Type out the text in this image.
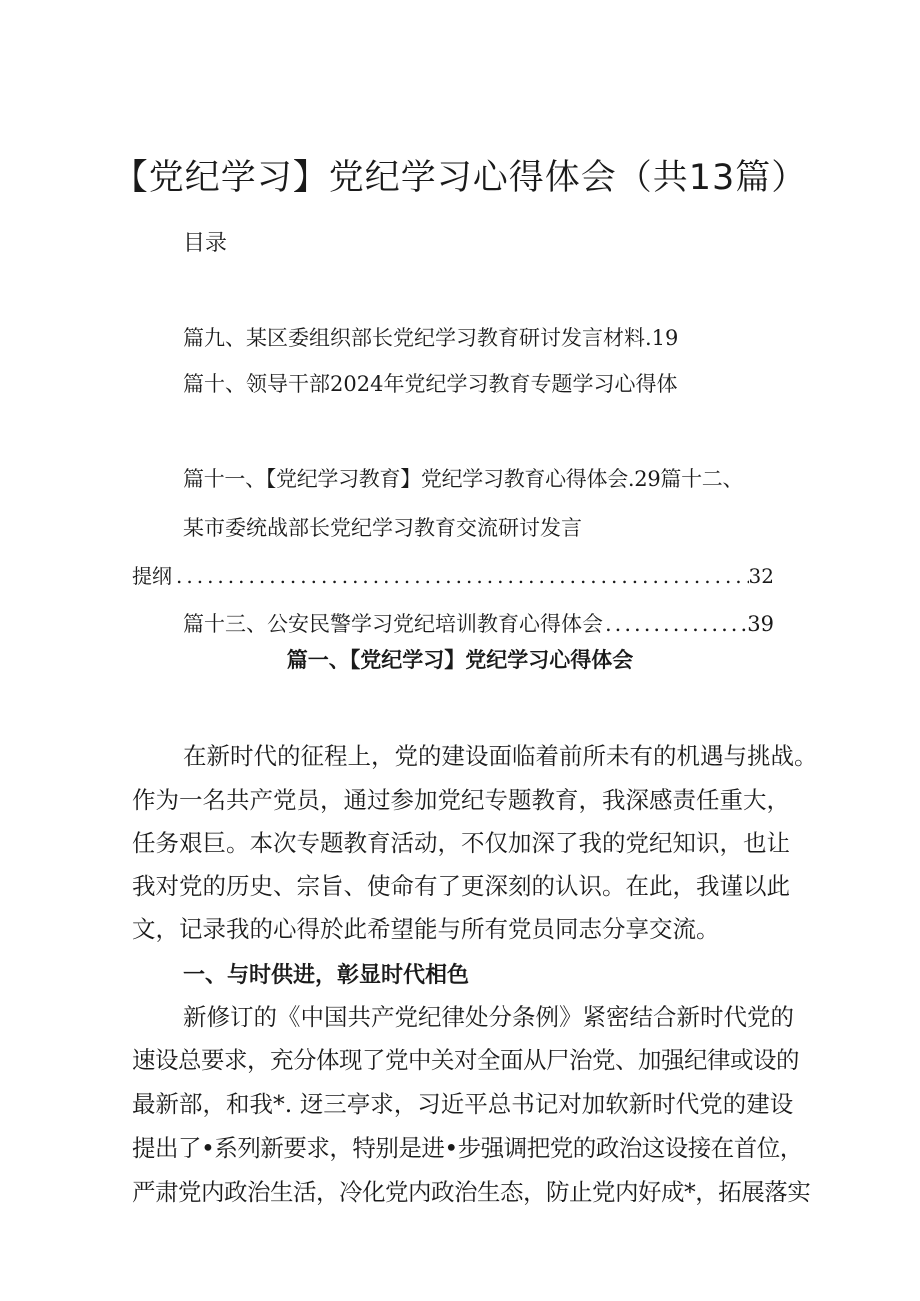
【党纪学习】党纪学习心得体会（共13篇）
目录
篇九、某区委组织部长党纪学习教育研讨发言材料.19
篇十、领导干部2024年党纪学习教育专题学习心得体
篇十一、【党纪学习教育】党纪学习教育心得体会.29篇十二、
某市委统战部长党纪学习教育交流研讨发言
提纲 .....	32
篇十三、公安民警学习党纪培训教育心得体会 .....	39
篇一、【党纪学习】党纪学习心得体会
在新时代的征程上，党的建设面临着前所未有的机遇与挑战。
作为一名共产党员，通过参加党纪专题教育，我深感责任重大，
任务艰巨。本次专题教育活动，不仅加深了我的党纪知识，也让
我对党的历史、宗旨、使命有了更深刻的认识。在此，我谨以此
文，记录我的心得於此希望能与所有党员同志分享交流。
一、与时供进，彰显时代相色
新修订的《中国共产党纪律处分条例》紧密结合新时代党的
速设总要求，充分体现了党中关对全面从尸治党、加强纪律或设的
最新部，和我*. 迓三亭求，习近平总书记对加软新时代党的建设
提出了•系列新要求，特别是进•步强调把党的政治这设接在首位，
严肃党内政治生活，冷化党内政治生态，防止党内好成*，拓展落实
